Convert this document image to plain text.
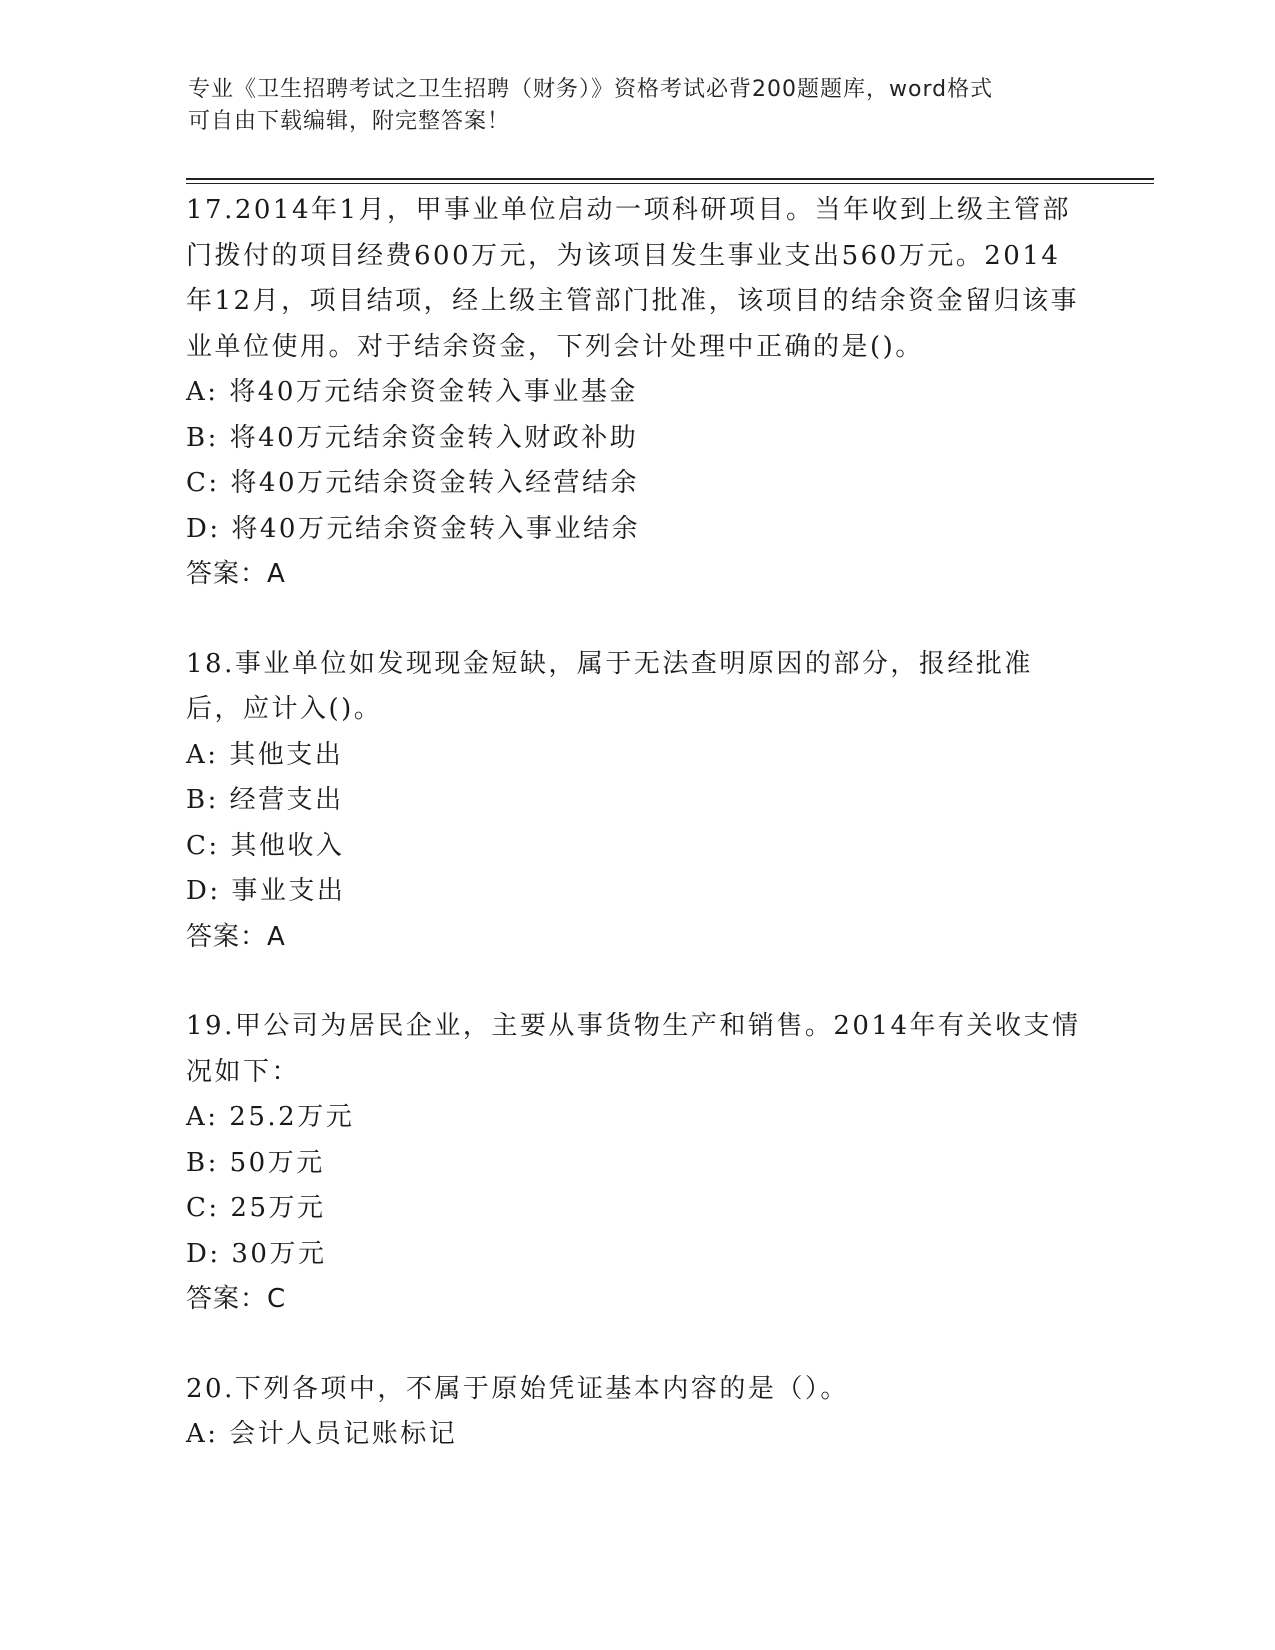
专业《卫生招聘考试之卫生招聘（财务）》资格考试必背200题题库，word格式
可自由下载编辑，附完整答案！

17.2014年1月，甲事业单位启动一项科研项目。当年收到上级主管部门拨付的项目经费600万元，为该项目发生事业支出560万元。2014年12月，项目结项，经上级主管部门批准，该项目的结余资金留归该事业单位使用。对于结余资金，下列会计处理中正确的是()。

A: 将40万元结余资金转入事业基金

B: 将40万元结余资金转入财政补助

C: 将40万元结余资金转入经营结余

D: 将40万元结余资金转入事业结余

答案：A

18.事业单位如发现现金短缺，属于无法查明原因的部分，报经批准后，应计入()。

A: 其他支出

B: 经营支出

C: 其他收入

D: 事业支出

答案：A

19.甲公司为居民企业，主要从事货物生产和销售。2014年有关收支情况如下：

A: 25.2万元

B: 50万元

C: 25万元

D: 30万元

答案：C

20.下列各项中，不属于原始凭证基本内容的是（）。

A: 会计人员记账标记
